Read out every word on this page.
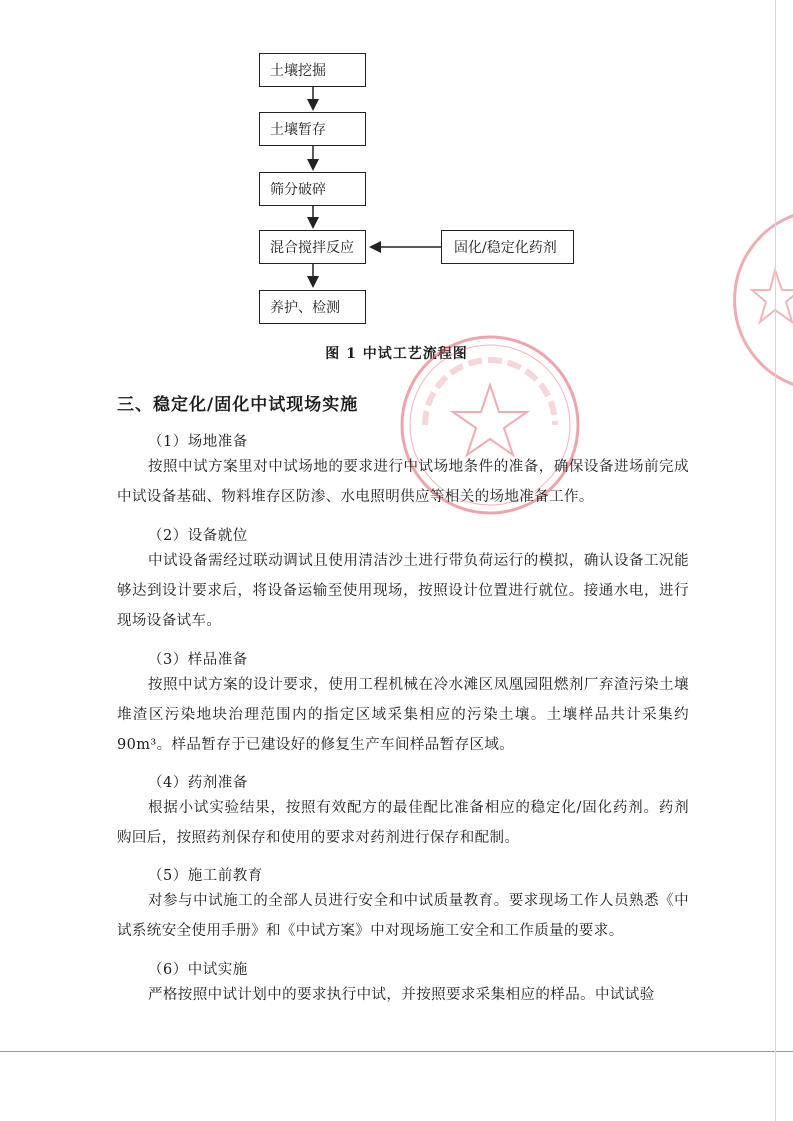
土壤挖掘
土壤暂存
筛分破碎
混合搅拌反应	固化/稳定化药剂
养护、检测
图 1 中试工艺流程图
三、稳定化/固化中试现场实施
（1）场地准备
按照中试方案里对中试场地的要求进行中试场地条件的准备，确保设备进场前完成中试设备基础、物料堆存区防渗、水电照明供应等相关的场地准备工作。
（2）设备就位
中试设备需经过联动调试且使用清洁沙土进行带负荷运行的模拟，确认设备工况能够达到设计要求后，将设备运输至使用现场，按照设计位置进行就位。接通水电，进行现场设备试车。
（3）样品准备
按照中试方案的设计要求，使用工程机械在冷水滩区凤凰园阻燃剂厂弃渣污染土壤堆渣区污染地块治理范围内的指定区域采集相应的污染土壤。土壤样品共计采集约 90m³。样品暂存于已建设好的修复生产车间样品暂存区域。
（4）药剂准备
根据小试实验结果，按照有效配方的最佳配比准备相应的稳定化/固化药剂。药剂购回后，按照药剂保存和使用的要求对药剂进行保存和配制。
（5）施工前教育
对参与中试施工的全部人员进行安全和中试质量教育。要求现场工作人员熟悉《中试系统安全使用手册》和《中试方案》中对现场施工安全和工作质量的要求。
（6）中试实施
严格按照中试计划中的要求执行中试，并按照要求采集相应的样品。中试试验
